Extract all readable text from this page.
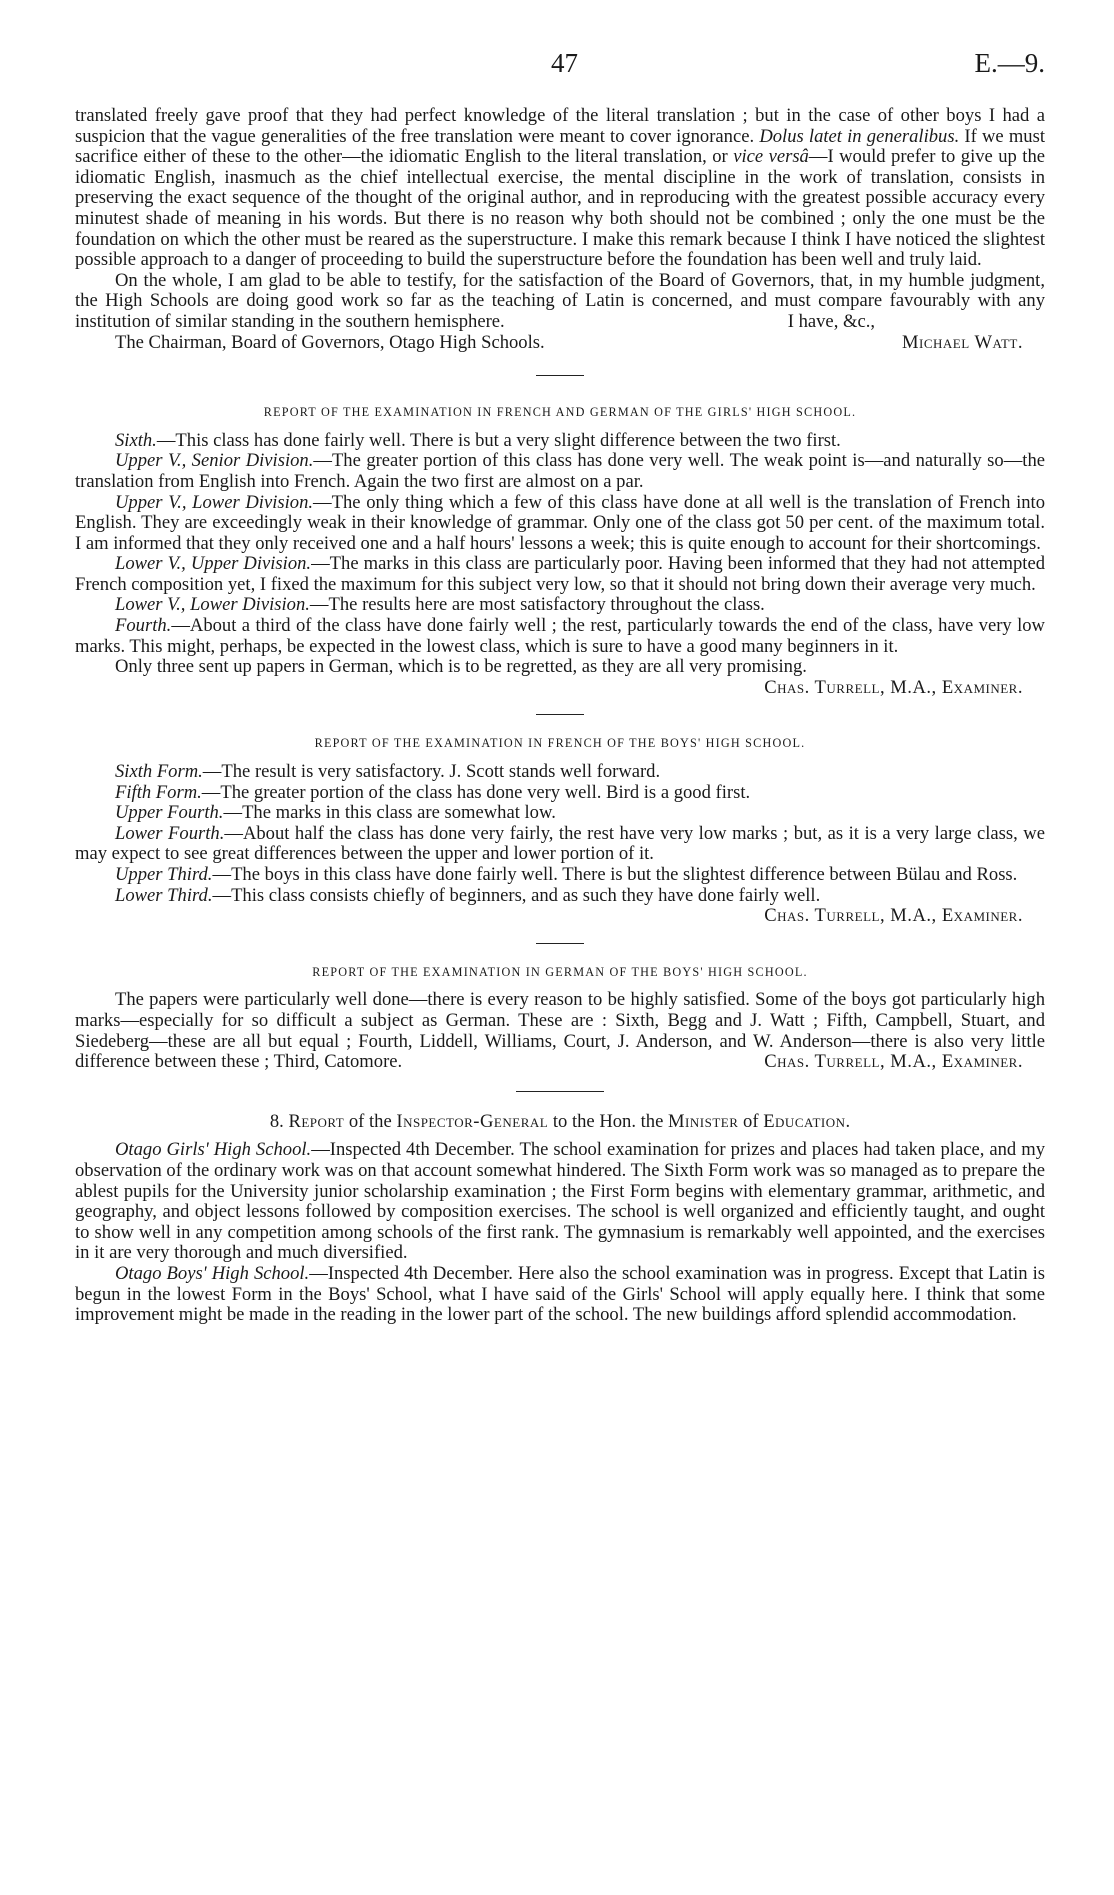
47	E.—9.

translated freely gave proof that they had perfect knowledge of the literal translation ; but in the case of other boys I had a suspicion that the vague generalities of the free translation were meant to cover ignorance. Dolus latet in generalibus. If we must sacrifice either of these to the other—the idiomatic English to the literal translation, or vice versâ—I would prefer to give up the idiomatic English, inasmuch as the chief intellectual exercise, the mental discipline in the work of translation, consists in preserving the exact sequence of the thought of the original author, and in reproducing with the greatest possible accuracy every minutest shade of meaning in his words. But there is no reason why both should not be combined ; only the one must be the foundation on which the other must be reared as the superstructure. I make this remark because I think I have noticed the slightest possible approach to a danger of proceeding to build the superstructure before the foundation has been well and truly laid.

On the whole, I am glad to be able to testify, for the satisfaction of the Board of Governors, that, in my humble judgment, the High Schools are doing good work so far as the teaching of Latin is concerned, and must compare favourably with any institution of similar standing in the southern hemisphere.	I have, &c.,
The Chairman, Board of Governors, Otago High Schools.	Michael Watt.
REPORT OF THE EXAMINATION IN FRENCH AND GERMAN OF THE GIRLS' HIGH SCHOOL.

Sixth.—This class has done fairly well. There is but a very slight difference between the two first.

Upper V., Senior Division.—The greater portion of this class has done very well. The weak point is—and naturally so—the translation from English into French. Again the two first are almost on a par.

Upper V., Lower Division.—The only thing which a few of this class have done at all well is the translation of French into English. They are exceedingly weak in their knowledge of grammar. Only one of the class got 50 per cent. of the maximum total. I am informed that they only received one and a half hours' lessons a week; this is quite enough to account for their shortcomings.

Lower V., Upper Division.—The marks in this class are particularly poor. Having been informed that they had not attempted French composition yet, I fixed the maximum for this subject very low, so that it should not bring down their average very much.

Lower V., Lower Division.—The results here are most satisfactory throughout the class.

Fourth.—About a third of the class have done fairly well ; the rest, particularly towards the end of the class, have very low marks. This might, perhaps, be expected in the lowest class, which is sure to have a good many beginners in it.

Only three sent up papers in German, which is to be regretted, as they are all very promising.

Chas. Turrell, M.A., Examiner.
REPORT OF THE EXAMINATION IN FRENCH OF THE BOYS' HIGH SCHOOL.

Sixth Form.—The result is very satisfactory. J. Scott stands well forward.

Fifth Form.—The greater portion of the class has done very well. Bird is a good first.

Upper Fourth.—The marks in this class are somewhat low.

Lower Fourth.—About half the class has done very fairly, the rest have very low marks ; but, as it is a very large class, we may expect to see great differences between the upper and lower portion of it.

Upper Third.—The boys in this class have done fairly well. There is but the slightest difference between Bülau and Ross.

Lower Third.—This class consists chiefly of beginners, and as such they have done fairly well.

Chas. Turrell, M.A., Examiner.
REPORT OF THE EXAMINATION IN GERMAN OF THE BOYS' HIGH SCHOOL.

The papers were particularly well done—there is every reason to be highly satisfied. Some of the boys got particularly high marks—especially for so difficult a subject as German. These are : Sixth, Begg and J. Watt ; Fifth, Campbell, Stuart, and Siedeberg—these are all but equal ; Fourth, Liddell, Williams, Court, J. Anderson, and W. Anderson—there is also very little difference between these ; Third, Catomore.	Chas. Turrell, M.A., Examiner.
8. Report of the Inspector-General to the Hon. the Minister of Education.

Otago Girls' High School.—Inspected 4th December. The school examination for prizes and places had taken place, and my observation of the ordinary work was on that account somewhat hindered. The Sixth Form work was so managed as to prepare the ablest pupils for the University junior scholarship examination ; the First Form begins with elementary grammar, arithmetic, and geography, and object lessons followed by composition exercises. The school is well organized and efficiently taught, and ought to show well in any competition among schools of the first rank. The gymnasium is remarkably well appointed, and the exercises in it are very thorough and much diversified.

Otago Boys' High School.—Inspected 4th December. Here also the school examination was in progress. Except that Latin is begun in the lowest Form in the Boys' School, what I have said of the Girls' School will apply equally here. I think that some improvement might be made in the reading in the lower part of the school. The new buildings afford splendid accommodation.
